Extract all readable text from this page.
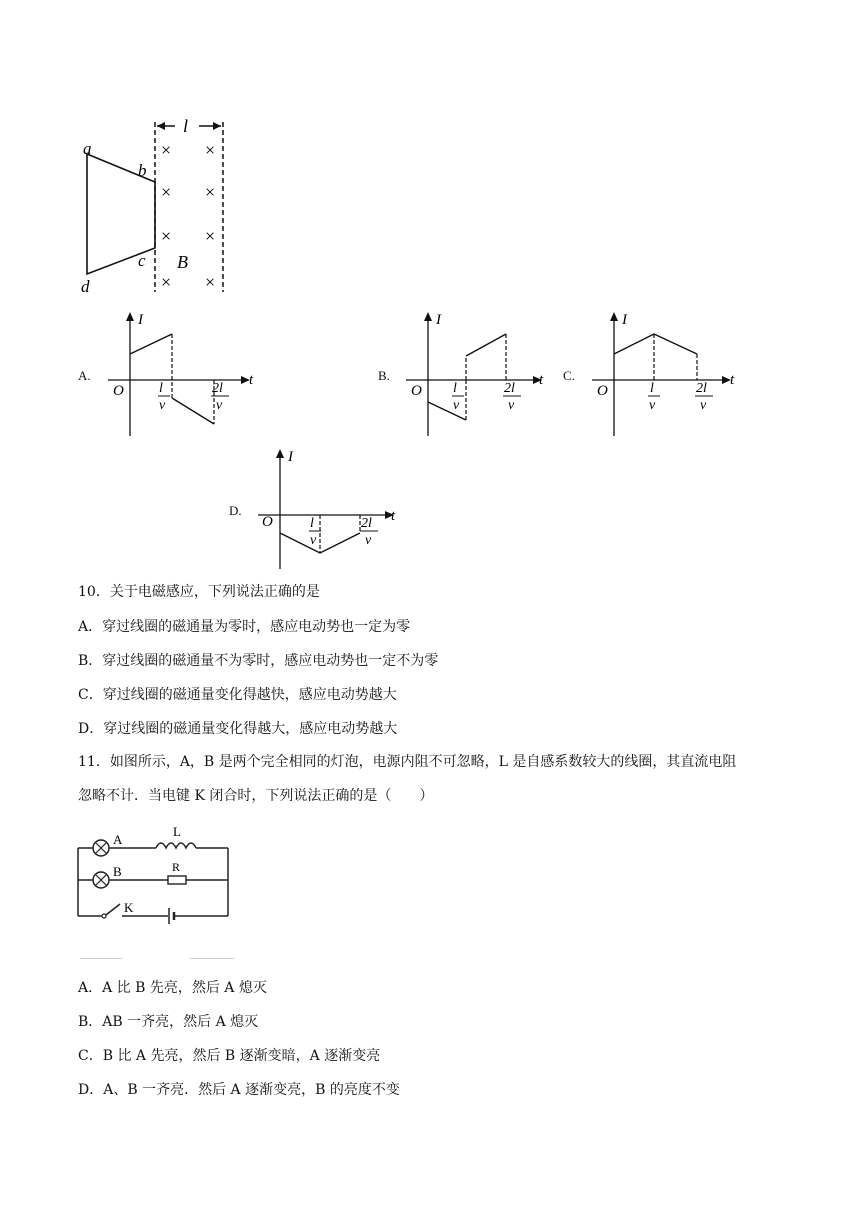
a
b
c
d
l
× ×
× ×
× ×
× ×
B
A.
I
t
O	l
v
2l
v
B.
I
t
O l
v
2l
v
C.
I
t
O	l
v
2l
v
D.
I
t
O	l
v
2l
v
10．关于电磁感应，下列说法正确的是
A．穿过线圈的磁通量为零时，感应电动势也一定为零
B．穿过线圈的磁通量不为零时，感应电动势也一定不为零
C．穿过线圈的磁通量变化得越快，感应电动势越大
D．穿过线圈的磁通量变化得越大，感应电动势越大
11．如图所示，A，B 是两个完全相同的灯泡，电源内阻不可忽略，L 是自感系数较大的线圈，其直流电阻
忽略不计．当电键 K 闭合时，下列说法正确的是（　　）
A
L
B	R
K
A．A 比 B 先亮，然后 A 熄灭
B．AB 一齐亮，然后 A 熄灭
C．B 比 A 先亮，然后 B 逐渐变暗，A 逐渐变亮
D．A、B 一齐亮．然后 A 逐渐变亮，B 的亮度不变
